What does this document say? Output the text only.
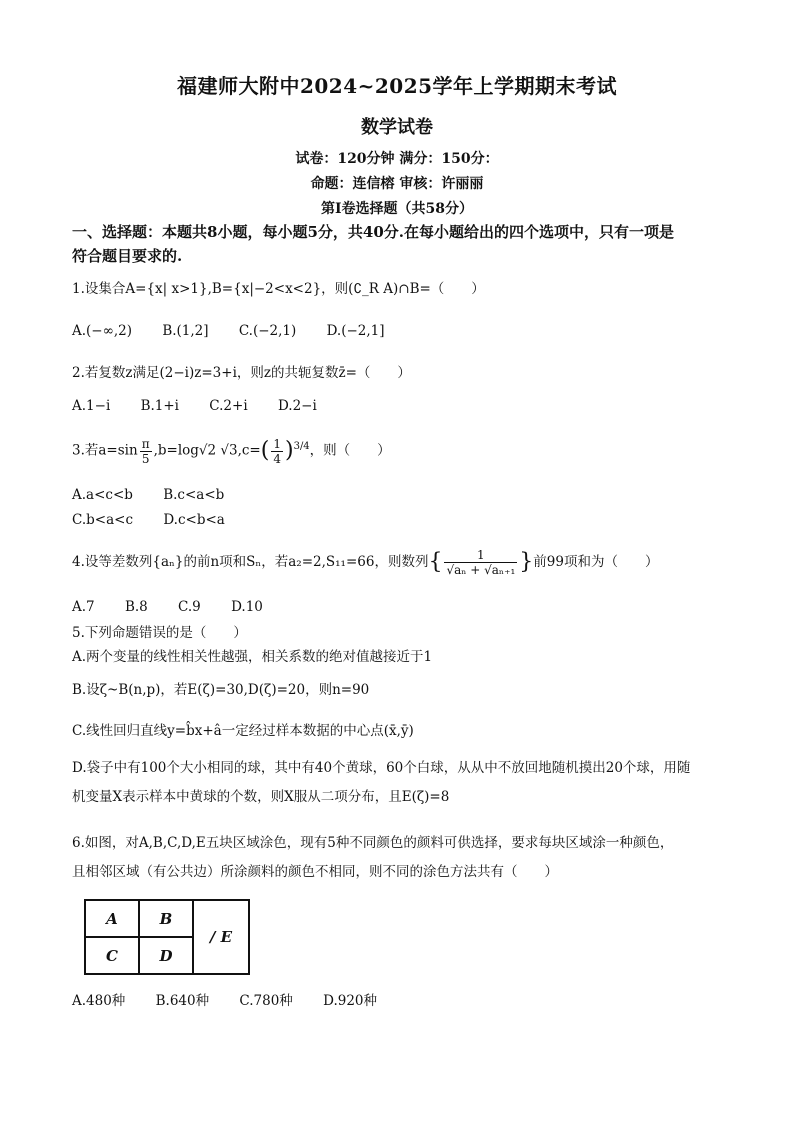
福建师大附中2024~2025学年上学期期末考试
数学试卷
试卷：120分钟 满分：150分：
命题：连信榕 审核：许丽丽
第Ⅰ卷选择题（共58分）
一、选择题：本题共8小题，每小题5分，共40分.在每小题给出的四个选项中，只有一项是
符合题目要求的.
1.设集合A={x| x>1},B={x|−2<x<2}，则(∁_R A)∩B=（　　）
A.(−∞,2) B.(1,2] C.(−2,1) D.(−2,1]
2.若复数z满足(2−i)z=3+i，则z的共轭复数z̄=（　　）
A.1−i B.1+i C.2+i D.2−i
3.若$a=\sin \frac{\pi}{5} ,b=\log√2$ $√3,c=( \frac{1}{4} )^{3/4}$，则（　　）
A.a<c<b B.c<a<b
C.b<a<c D.c<b<a
4.设等差数列{aₙ}的前n项和Sₙ，若a₂=2,S₁₁=66，则数列{ $\frac{1}{\text{√aₙ + √aₙ₊₁}}$ }前99项和为（　　）
A.7 B.8 C.9 D.10
5.下列命题错误的是（　　）
A.两个变量的线性相关性越强，相关系数的绝对值越接近于1
B.设ζ~B(n,p)，若E(ζ)=30,D(ζ)=20，则n=90
C.线性回归直线y=b̂x+â一定经过样本数据的中心点(x̄,ȳ)
D.袋子中有100个大小相同的球，其中有40个黄球，60个白球，从从中不放回地随机摸出20个球，用随
机变量X表示样本中黄球的个数，则X服从二项分布，且E(ζ)=8
6.如图，对A,B,C,D,E五块区域涂色，现有5种不同颜色的颜料可供选择，要求每块区域涂一种颜色，
且相邻区域（有公共边）所涂颜料的颜色不相同，则不同的涂色方法共有（　　）
A	B	/ E
C	D	
A.480种 B.640种 C.780种 D.920种
